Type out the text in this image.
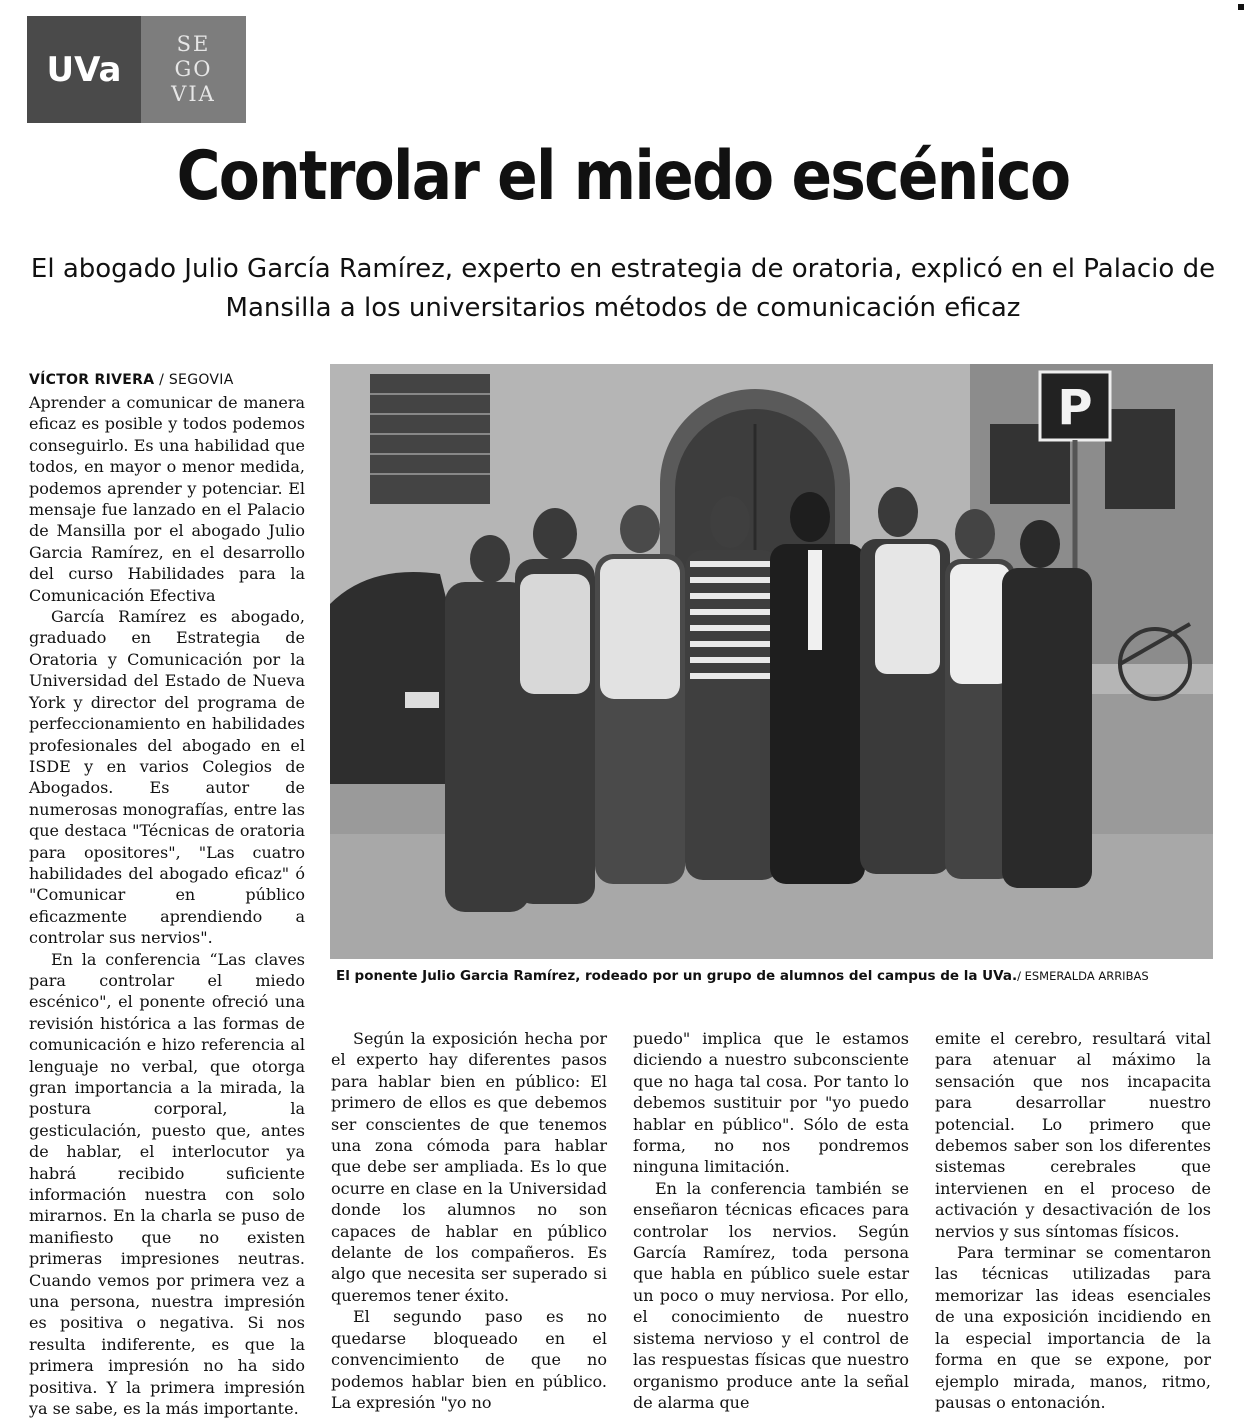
UVa
SE
GO
VIA
Controlar el miedo escénico

El abogado Julio García Ramírez, experto en estrategia de oratoria, explicó en el Palacio de Mansilla a los universitarios métodos de comunicación eficaz

VÍCTOR RIVERA / SEGOVIA

Aprender a comunicar de manera eficaz es posible y todos podemos conseguirlo. Es una habilidad que todos, en mayor o menor medida, podemos aprender y potenciar. El mensaje fue lanzado en el Palacio de Mansilla por el abogado Julio Garcia Ramírez, en el desarrollo del curso Habilidades para la Comunicación Efectiva

García Ramírez es abogado, graduado en Estrategia de Oratoria y Comunicación por la Universidad del Estado de Nueva York y director del programa de perfeccionamiento en habilidades profesionales del abogado en el ISDE y en varios Colegios de Abogados. Es autor de numerosas monografías, entre las que destaca "Técnicas de oratoria para opositores", "Las cuatro habilidades del abogado eficaz" ó "Comunicar en público eficazmente aprendiendo a controlar sus nervios".

En la conferencia “Las claves para controlar el miedo escénico", el ponente ofreció una revisión histórica a las formas de comunicación e hizo referencia al lenguaje no verbal, que otorga gran importancia a la mirada, la postura corporal, la gesticulación, puesto que, antes de hablar, el interlocutor ya habrá recibido suficiente información nuestra con solo mirarnos. En la charla se puso de manifiesto que no existen primeras impresiones neutras. Cuando vemos por primera vez a una persona, nuestra impresión es positiva o negativa. Si nos resulta indiferente, es que la primera impresión no ha sido positiva. Y la primera impresión ya se sabe, es la más importante.

P
El ponente Julio Garcia Ramírez, rodeado por un grupo de alumnos del campus de la UVa./ ESMERALDA ARRIBAS

Según la exposición hecha por el experto hay diferentes pasos para hablar bien en público: El primero de ellos es que debemos ser conscientes de que tenemos una zona cómoda para hablar que debe ser ampliada. Es lo que ocurre en clase en la Universidad donde los alumnos no son capaces de hablar en público delante de los compañeros. Es algo que necesita ser superado si queremos tener éxito.

El segundo paso es no quedarse bloqueado en el convencimiento de que no podemos hablar bien en público. La expresión "yo no

puedo" implica que le estamos diciendo a nuestro subconsciente que no haga tal cosa. Por tanto lo debemos sustituir por "yo puedo hablar en público". Sólo de esta forma, no nos pondremos ninguna limitación.

En la conferencia también se enseñaron técnicas eficaces para controlar los nervios. Según García Ramírez, toda persona que habla en público suele estar un poco o muy nerviosa. Por ello, el conocimiento de nuestro sistema nervioso y el control de las respuestas físicas que nuestro organismo produce ante la señal de alarma que

emite el cerebro, resultará vital para atenuar al máximo la sensación que nos incapacita para desarrollar nuestro potencial. Lo primero que debemos saber son los diferentes sistemas cerebrales que intervienen en el proceso de activación y desactivación de los nervios y sus síntomas físicos.

Para terminar se comentaron las técnicas utilizadas para memorizar las ideas esenciales de una exposición incidiendo en la especial importancia de la forma en que se expone, por ejemplo mirada, manos, ritmo, pausas o entonación.
